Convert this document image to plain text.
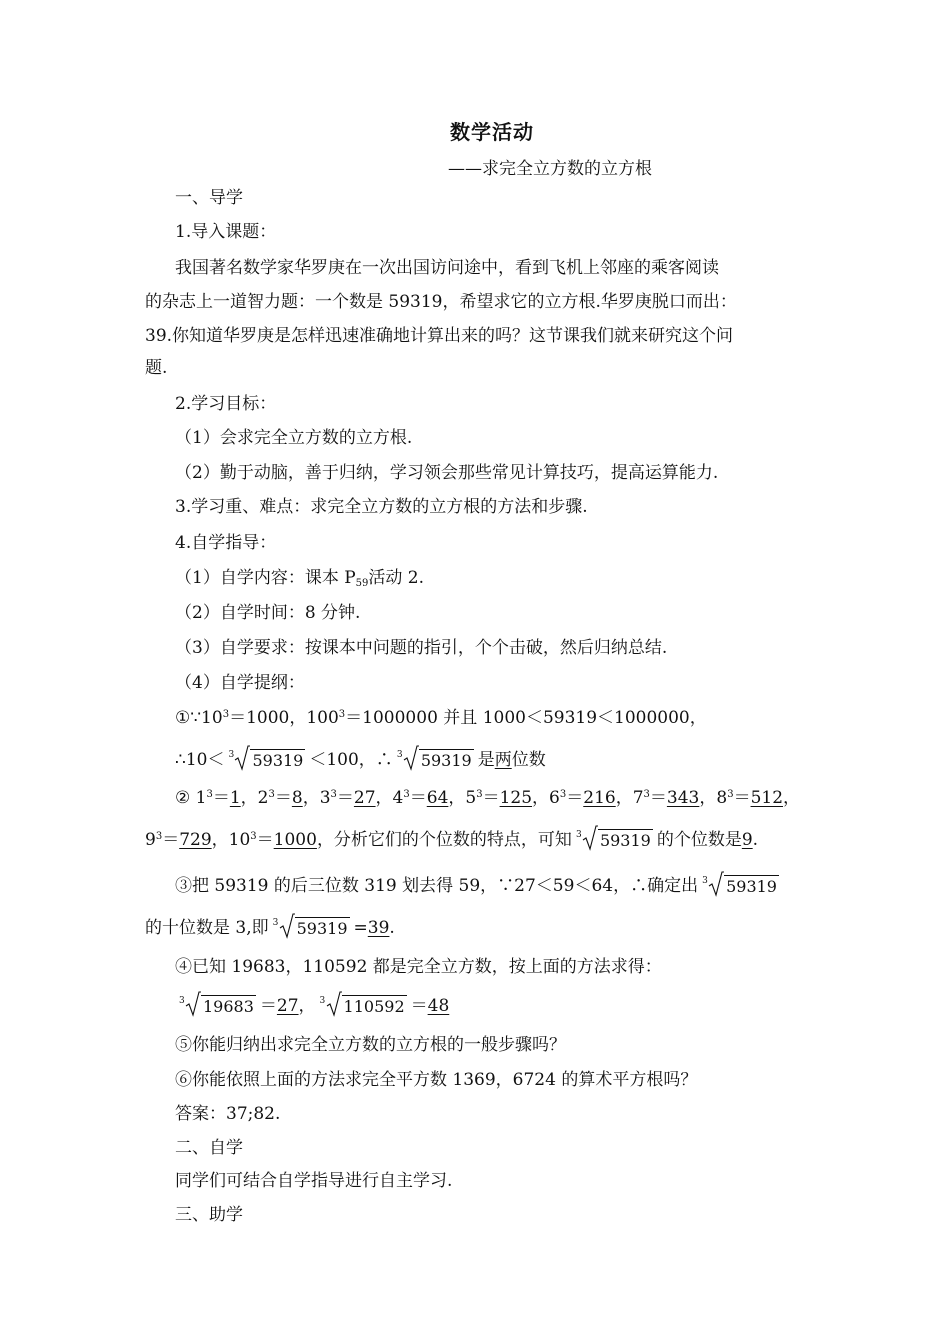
数学活动
——求完全立方数的立方根
一、导学
1.导入课题：
我国著名数学家华罗庚在一次出国访问途中，看到飞机上邻座的乘客阅读
的杂志上一道智力题：一个数是 59319，希望求它的立方根.华罗庚脱口而出：
39.你知道华罗庚是怎样迅速准确地计算出来的吗？这节课我们就来研究这个问
题.
2.学习目标：
（1）会求完全立方数的立方根.
（2）勤于动脑，善于归纳，学习领会那些常见计算技巧，提高运算能力.
3.学习重、难点：求完全立方数的立方根的方法和步骤.
4.自学指导：
（1）自学内容：课本 $P_{59}$活动 2.
（2）自学时间：8 分钟.
（3）自学要求：按课本中问题的指引，个个击破，然后归纳总结.
（4）自学提纲：
$①\because 10^3=1000$，$100^3=1000000$ 并且 1000＜59319＜1000000，
∴10＜ 3 59319 ＜100，∴ 3 59319 是两位数
② $1^3=1$，$2^3=8$，$3^3=27$，$4^3=64$，$5^3=125$，$6^3=216$，$7^3=343$，$8^3=512$，
$9^3=729$，$10^3=1000$，分析它们的个位数的特点，可知 3 59319 的个位数是9.
③把 59319 的后三位数 319 划去得 59，∵27＜59＜64，∴确定出 3 59319
的十位数是 3,即 3 59319 =39.
④已知 19683，110592 都是完全立方数，按上面的方法求得：
3 19683 ＝27， 3 110592 ＝48
⑤你能归纳出求完全立方数的立方根的一般步骤吗？
⑥你能依照上面的方法求完全平方数 1369，6724 的算术平方根吗？
答案：37;82.
二、自学
同学们可结合自学指导进行自主学习.
三、助学
